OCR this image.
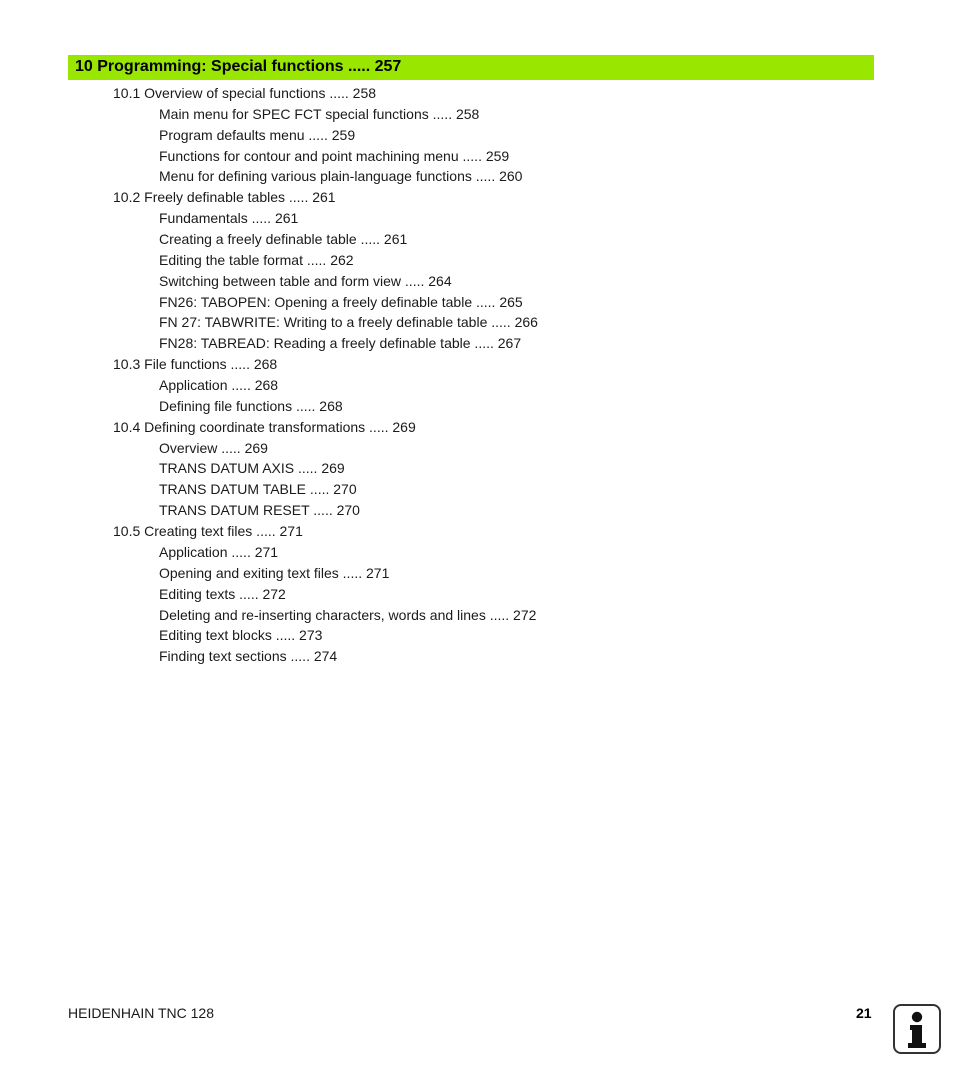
10 Programming: Special functions ..... 257
10.1 Overview of special functions ..... 258
Main menu for SPEC FCT special functions ..... 258
Program defaults menu ..... 259
Functions for contour and point machining menu ..... 259
Menu for defining various plain-language functions ..... 260
10.2 Freely definable tables ..... 261
Fundamentals ..... 261
Creating a freely definable table ..... 261
Editing the table format ..... 262
Switching between table and form view ..... 264
FN26: TABOPEN: Opening a freely definable table ..... 265
FN 27: TABWRITE: Writing to a freely definable table ..... 266
FN28: TABREAD: Reading a freely definable table ..... 267
10.3 File functions ..... 268
Application ..... 268
Defining file functions ..... 268
10.4 Defining coordinate transformations ..... 269
Overview ..... 269
TRANS DATUM AXIS ..... 269
TRANS DATUM TABLE ..... 270
TRANS DATUM RESET ..... 270
10.5 Creating text files ..... 271
Application ..... 271
Opening and exiting text files ..... 271
Editing texts ..... 272
Deleting and re-inserting characters, words and lines ..... 272
Editing text blocks ..... 273
Finding text sections ..... 274
HEIDENHAIN TNC 128	21
